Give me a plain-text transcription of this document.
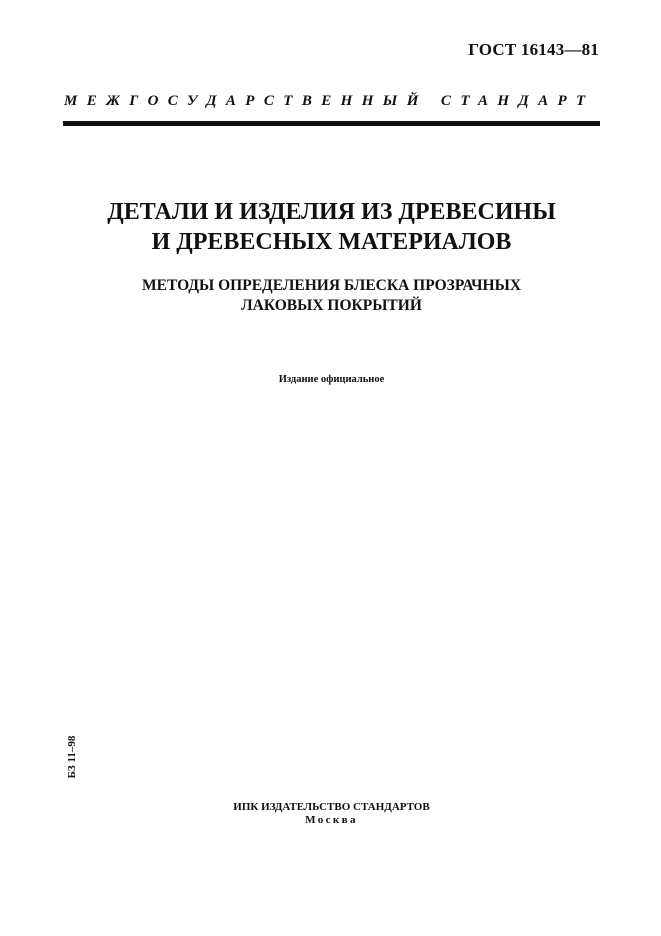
ГОСТ 16143—81
МЕЖГОСУДАРСТВЕННЫЙ СТАНДАРТ
ДЕТАЛИ И ИЗДЕЛИЯ ИЗ ДРЕВЕСИНЫ
И ДРЕВЕСНЫХ МАТЕРИАЛОВ
МЕТОДЫ ОПРЕДЕЛЕНИЯ БЛЕСКА ПРОЗРАЧНЫХ
ЛАКОВЫХ ПОКРЫТИЙ
Издание официальное
БЗ 11–98
ИПК ИЗДАТЕЛЬСТВО СТАНДАРТОВ
Москва
